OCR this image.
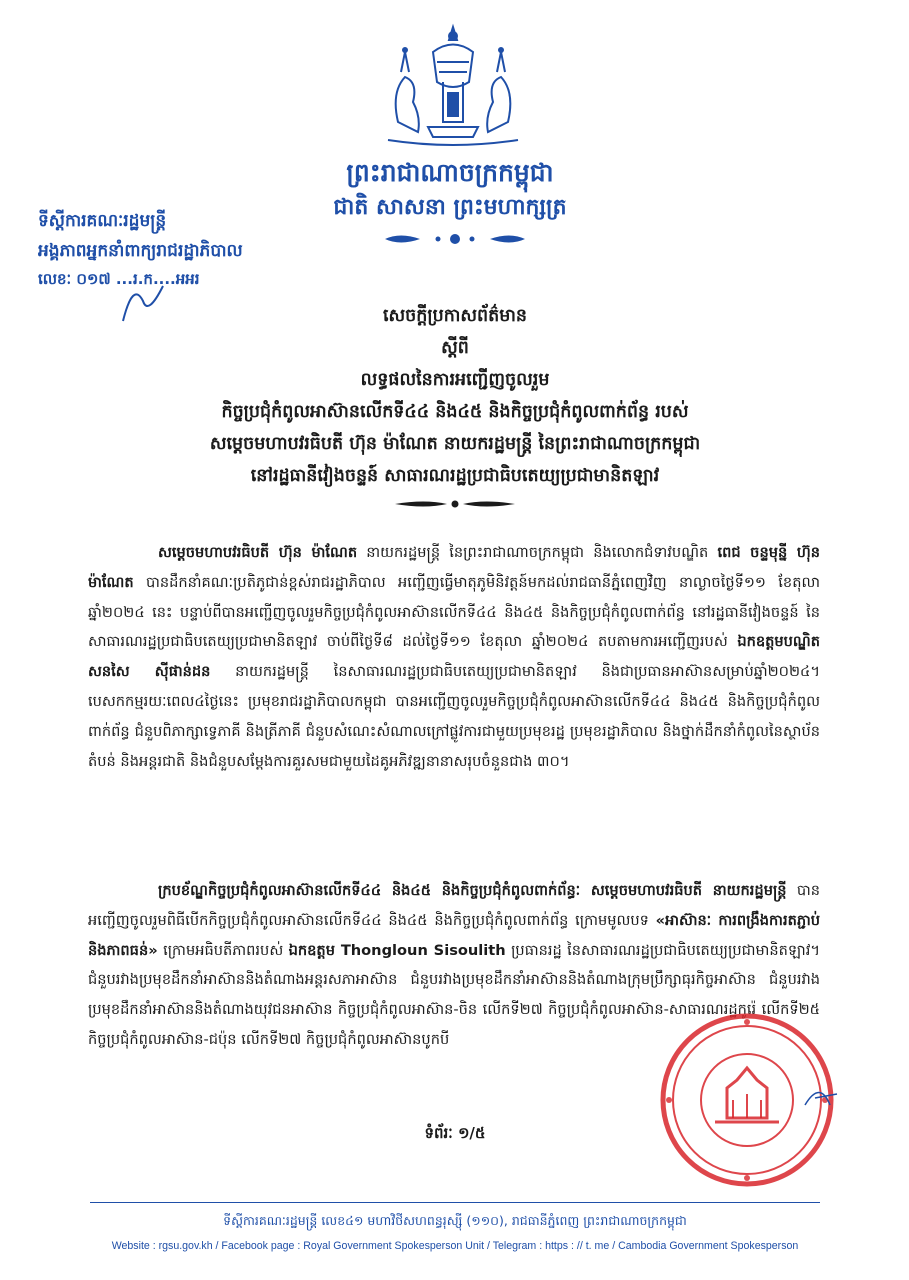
ព្រះរាជាណាចក្រកម្ពុជា
ជាតិ សាសនា ព្រះមហាក្សត្រ
ទីស្ដីការគណៈរដ្ឋមន្ដ្រី
អង្គភាពអ្នកនាំពាក្យរាជរដ្ឋាភិបាល
លេខៈ ០១៧ ...រ.ក....អអរ
សេចក្តីប្រកាសព័ត៌មាន
ស្តីពី
លទ្ធផលនៃការអញ្ជើញចូលរួម
កិច្ចប្រជុំកំពូលអាស៊ានលើកទី៤៤ និង៤៥ និងកិច្ចប្រជុំកំពូលពាក់ព័ន្ធ របស់
សម្តេចមហាបវរធិបតី ហ៊ុន ម៉ាណែត នាយករដ្ឋមន្ត្រី នៃព្រះរាជាណាចក្រកម្ពុជា
នៅរដ្ឋធានីវៀងចន្ទន៍ សាធារណរដ្ឋប្រជាធិបតេយ្យប្រជាមានិតឡាវ

សម្តេចមហាបវរធិបតី ហ៊ុន ម៉ាណែត នាយករដ្ឋមន្ត្រី នៃព្រះរាជាណាចក្រកម្ពុជា និងលោកជំទាវបណ្ឌិត ពេជ ចន្ទមុន្នី ហ៊ុនម៉ាណែត បានដឹកនាំគណៈប្រតិភូជាន់ខ្ពស់រាជរដ្ឋាភិបាល អញ្ជើញធ្វើមាតុភូមិនិវត្តន៍មកដល់រាជធានីភ្នំពេញវិញ នាល្ងាចថ្ងៃទី១១ ខែតុលា ឆ្នាំ២០២៤ នេះ បន្ទាប់ពីបានអញ្ជើញចូលរួមកិច្ចប្រជុំកំពូលអាស៊ានលើកទី៤៤ និង៤៥ និងកិច្ចប្រជុំកំពូលពាក់ព័ន្ធ នៅរដ្ឋធានីវៀងចន្ទន៍ នៃសាធារណរដ្ឋប្រជាធិបតេយ្យប្រជាមានិតឡាវ ចាប់ពីថ្ងៃទី៨ ដល់ថ្ងៃទី១១ ខែតុលា ឆ្នាំ២០២៤ តបតាមការអញ្ជើញរបស់ ឯកឧត្តមបណ្ឌិត សនសៃ ស៊ីផាន់ដន នាយករដ្ឋមន្ត្រី នៃសាធារណរដ្ឋប្រជាធិបតេយ្យប្រជាមានិតឡាវ និងជាប្រធានអាស៊ានសម្រាប់ឆ្នាំ២០២៤។ បេសកកម្មរយៈពេល៤ថ្ងៃនេះ ប្រមុខរាជរដ្ឋាភិបាលកម្ពុជា បានអញ្ជើញចូលរួមកិច្ចប្រជុំកំពូលអាស៊ានលើកទី៤៤ និង៤៥ និងកិច្ចប្រជុំកំពូលពាក់ព័ន្ធ ជំនួបពិភាក្សាទ្វេភាគី និងត្រីភាគី ជំនួបសំណេះសំណាលក្រៅផ្លូវការជាមួយប្រមុខរដ្ឋ ប្រមុខរដ្ឋាភិបាល និងថ្នាក់ដឹកនាំកំពូលនៃស្ថាប័នតំបន់ និងអន្តរជាតិ និងជំនួបសម្តែងការគួរសមជាមួយដៃគូអភិវឌ្ឍនានាសរុបចំនួនជាង ៣០។

ក្របខ័ណ្ឌកិច្ចប្រជុំកំពូលអាស៊ានលើកទី៤៤ និង៤៥ និងកិច្ចប្រជុំកំពូលពាក់ព័ន្ធៈ សម្តេចមហាបវរធិបតី នាយករដ្ឋមន្ត្រី បានអញ្ជើញចូលរួមពិធីបើកកិច្ចប្រជុំកំពូលអាស៊ានលើកទី៤៤ និង៤៥ និងកិច្ចប្រជុំកំពូលពាក់ព័ន្ធ ក្រោមមូលបទ «អាស៊ានៈ ការពង្រឹងការតភ្ជាប់ និងភាពធន់» ក្រោមអធិបតីភាពរបស់ ឯកឧត្តម Thongloun Sisoulith ប្រធានរដ្ឋ នៃសាធារណរដ្ឋប្រជាធិបតេយ្យប្រជាមានិតឡាវ។ ជំនួបរវាងប្រមុខដឹកនាំអាស៊ាននិងតំណាងអន្តរសភាអាស៊ាន ជំនួបរវាងប្រមុខដឹកនាំអាស៊ាននិងតំណាងក្រុមប្រឹក្សាធុរកិច្ចអាស៊ាន ជំនួបរវាងប្រមុខដឹកនាំអាស៊ាននិងតំណាងយុវជនអាស៊ាន កិច្ចប្រជុំកំពូលអាស៊ាន-ចិន លើកទី២៧ កិច្ចប្រជុំកំពូលអាស៊ាន-សាធារណរដ្ឋកូរ៉េ លើកទី២៥ កិច្ចប្រជុំកំពូលអាស៊ាន-ជប៉ុន លើកទី២៧ កិច្ចប្រជុំកំពូលអាស៊ានបូកបី

ទំព័រៈ ១/៥
ទីស្តីការគណៈរដ្ឋមន្ត្រី លេខ៤១ មហាវិថីសហពន្ធរុស្ស៊ី (១១០), រាជធានីភ្នំពេញ ព្រះរាជាណាចក្រកម្ពុជា
Website : rgsu.gov.kh / Facebook page : Royal Government Spokesperson Unit / Telegram : https : // t. me / Cambodia Government Spokesperson
